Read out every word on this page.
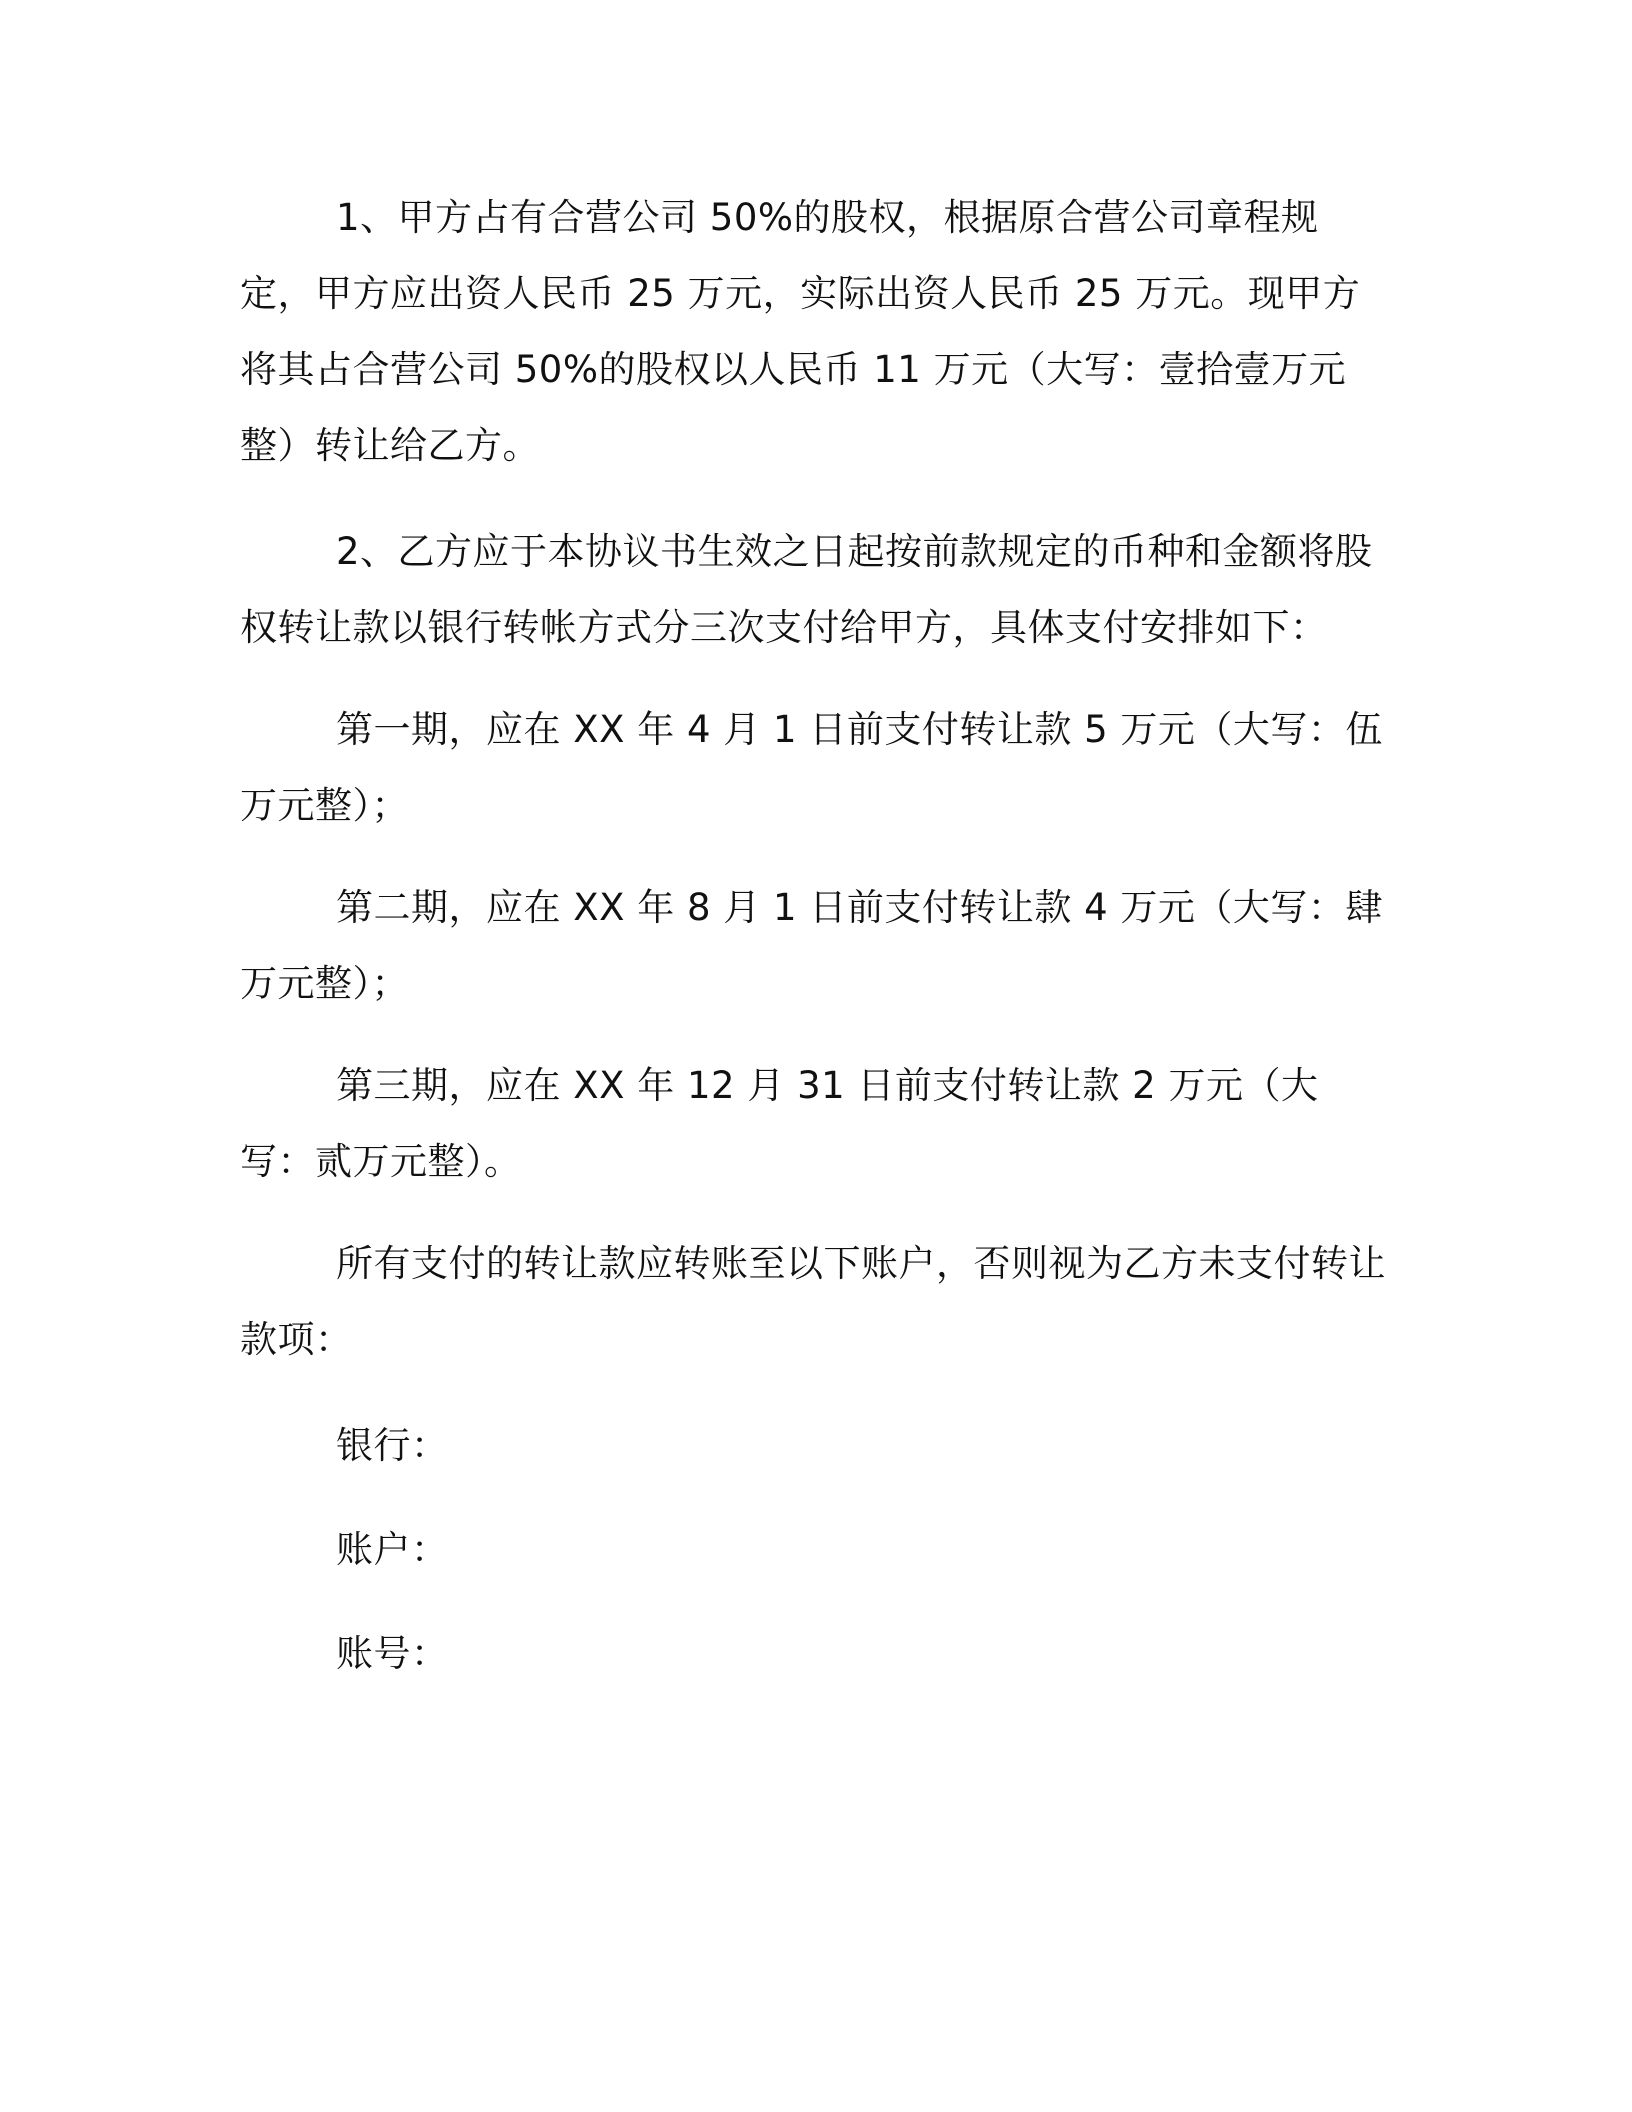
1、甲方占有合营公司 50%的股权，根据原合营公司章程规定，甲方应出资人民币 25 万元，实际出资人民币 25 万元。现甲方将其占合营公司 50%的股权以人民币 11 万元（大写：壹拾壹万元整）转让给乙方。

2、乙方应于本协议书生效之日起按前款规定的币种和金额将股权转让款以银行转帐方式分三次支付给甲方，具体支付安排如下：

第一期，应在 XX 年 4 月 1 日前支付转让款 5 万元（大写：伍万元整）；

第二期，应在 XX 年 8 月 1 日前支付转让款 4 万元（大写：肆万元整）；

第三期，应在 XX 年 12 月 31 日前支付转让款 2 万元（大写：贰万元整）。

所有支付的转让款应转账至以下账户，否则视为乙方未支付转让款项：

银行：

账户：

账号：
